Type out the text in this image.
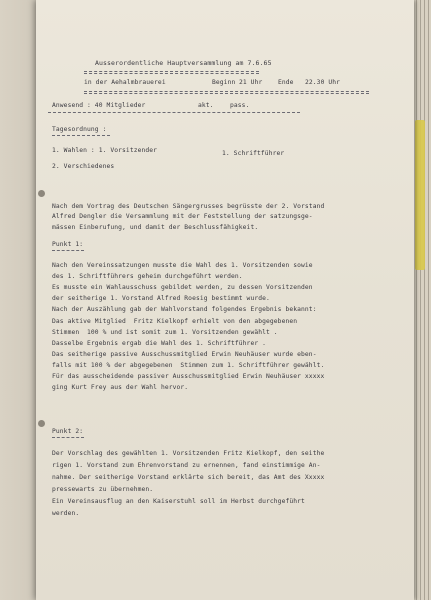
Ausserordentliche Hauptversammlung am 7.6.65
in der Aehalmbrauerei	Beginn 21 Uhr Ende 22.30 Uhr
Anwesend : 40 Mitglieder	akt.	pass.
Tagesordnung :
1. Wahlen : 1. Vorsitzender	1. Schriftführer
2. Verschiedenes
Nach dem Vortrag des Deutschen Sängergrusses begrüsste der 2. Vorstand
Alfred Dengler die Versammlung mit der Feststellung der satzungsge-
mässen Einberufung, und damit der Beschlussfähigkeit.
Punkt 1:
Nach den Vereinssatzungen musste die Wahl des 1. Vorsitzenden sowie
des 1. Schriftführers geheim durchgeführt werden.
Es musste ein Wahlausschuss gebildet werden, zu dessen Vorsitzenden
der seitherige 1. Vorstand Alfred Roesig bestimmt wurde.
Nach der Auszählung gab der Wahlvorstand folgendes Ergebnis bekannt:
Das aktive Mitglied  Fritz Kielkopf erhielt von den abgegebenen
Stimmen  100 % und ist somit zum 1. Vorsitzenden gewählt .
Dasselbe Ergebnis ergab die Wahl des 1. Schriftführer .
Das seitherige passive Ausschussmitglied Erwin Neuhäuser wurde eben-
falls mit 100 % der abgegebenen  Stimmen zum 1. Schriftführer gewählt.
Für das ausscheidende passiver Ausschussmitglied Erwin Neuhäuser xxxxx
ging Kurt Frey aus der Wahl hervor.
Punkt 2:
Der Vorschlag des gewählten 1. Vorsitzenden Fritz Kielkopf, den seithe
rigen 1. Vorstand zum Ehrenvorstand zu ernennen, fand einstimmige An-
nahme. Der seitherige Vorstand erklärte sich bereit, das Amt des Xxxxx
pressewarts zu übernehmen.
Ein Vereinsausflug an den Kaiserstuhl soll im Herbst durchgeführt
werden.
